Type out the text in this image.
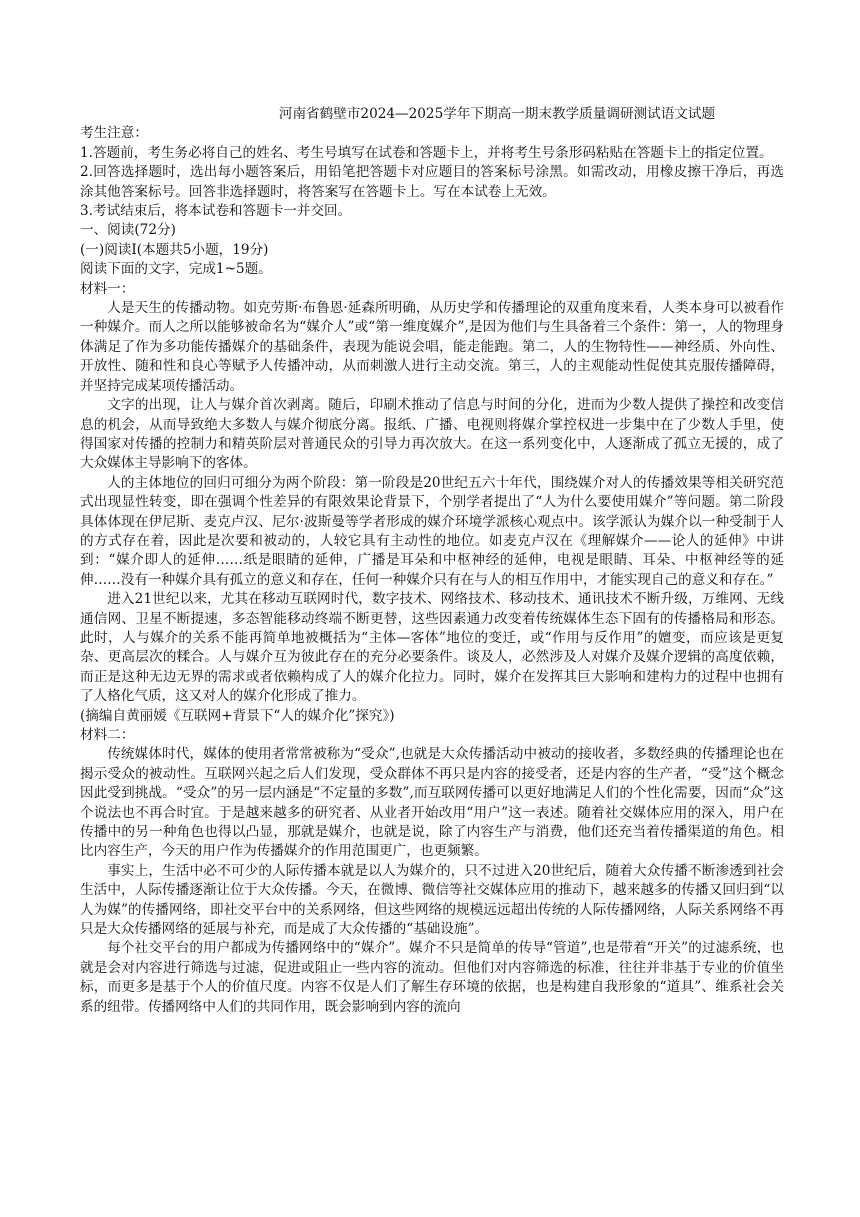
河南省鹤壁市2024—2025学年下期高一期末教学质量调研测试语文试题

考生注意：

1.答题前，考生务必将自己的姓名、考生号填写在试卷和答题卡上，并将考生号条形码粘贴在答题卡上的指定位置。

2.回答选择题时，选出每小题答案后，用铅笔把答题卡对应题目的答案标号涂黑。如需改动，用橡皮擦干净后，再选涂其他答案标号。回答非选择题时，将答案写在答题卡上。写在本试卷上无效。

3.考试结束后，将本试卷和答题卡一并交回。

一、阅读(72分)

(一)阅读I(本题共5小题，19分)

阅读下面的文字，完成1~5题。

材料一：

人是天生的传播动物。如克劳斯·布鲁恩·延森所明确，从历史学和传播理论的双重角度来看，人类本身可以被看作一种媒介。而人之所以能够被命名为“媒介人”或“第一维度媒介”,是因为他们与生具备着三个条件：第一，人的物理身体满足了作为多功能传播媒介的基础条件，表现为能说会唱，能走能跑。第二，人的生物特性——神经质、外向性、开放性、随和性和良心等赋予人传播冲动，从而刺激人进行主动交流。第三，人的主观能动性促使其克服传播障碍，并坚持完成某项传播活动。

文字的出现，让人与媒介首次剥离。随后，印刷术推动了信息与时间的分化，进而为少数人提供了操控和改变信息的机会，从而导致绝大多数人与媒介彻底分离。报纸、广播、电视则将媒介掌控权进一步集中在了少数人手里，使得国家对传播的控制力和精英阶层对普通民众的引导力再次放大。在这一系列变化中，人逐渐成了孤立无援的，成了大众媒体主导影响下的客体。

人的主体地位的回归可细分为两个阶段：第一阶段是20世纪五六十年代，围绕媒介对人的传播效果等相关研究范式出现显性转变，即在强调个性差异的有限效果论背景下，个别学者提出了“人为什么要使用媒介”等问题。第二阶段具体体现在伊尼斯、麦克卢汉、尼尔·波斯曼等学者形成的媒介环境学派核心观点中。该学派认为媒介以一种受制于人的方式存在着，因此是次要和被动的，人较它具有主动性的地位。如麦克卢汉在《理解媒介——论人的延伸》中讲到：“媒介即人的延伸……纸是眼睛的延伸，广播是耳朵和中枢神经的延伸，电视是眼睛、耳朵、中枢神经等的延伸……没有一种媒介具有孤立的意义和存在，任何一种媒介只有在与人的相互作用中，才能实现自己的意义和存在。”

进入21世纪以来，尤其在移动互联网时代，数字技术、网络技术、移动技术、通讯技术不断升级，万维网、无线通信网、卫星不断提速，多态智能移动终端不断更替，这些因素通力改变着传统媒体生态下固有的传播格局和形态。此时，人与媒介的关系不能再简单地被概括为“主体—客体”地位的变迁，或“作用与反作用”的嬗变，而应该是更复杂、更高层次的糅合。人与媒介互为彼此存在的充分必要条件。谈及人，必然涉及人对媒介及媒介逻辑的高度依赖，而正是这种无边无界的需求或者依赖构成了人的媒介化拉力。同时，媒介在发挥其巨大影响和建构力的过程中也拥有了人格化气质，这又对人的媒介化形成了推力。

(摘编自黄丽媛《互联网+背景下“人的媒介化”探究》)

材料二：

传统媒体时代，媒体的使用者常常被称为“受众”,也就是大众传播活动中被动的接收者，多数经典的传播理论也在揭示受众的被动性。互联网兴起之后人们发现，受众群体不再只是内容的接受者，还是内容的生产者，“受”这个概念因此受到挑战。“受众”的另一层内涵是“不定量的多数”,而互联网传播可以更好地满足人们的个性化需要，因而“众”这个说法也不再合时宜。于是越来越多的研究者、从业者开始改用“用户”这一表述。随着社交媒体应用的深入，用户在传播中的另一种角色也得以凸显，那就是媒介，也就是说，除了内容生产与消费，他们还充当着传播渠道的角色。相比内容生产，今天的用户作为传播媒介的作用范围更广，也更频繁。

事实上，生活中必不可少的人际传播本就是以人为媒介的，只不过进入20世纪后，随着大众传播不断渗透到社会生活中，人际传播逐渐让位于大众传播。今天，在微博、微信等社交媒体应用的推动下，越来越多的传播又回归到“以人为媒”的传播网络，即社交平台中的关系网络，但这些网络的规模远远超出传统的人际传播网络，人际关系网络不再只是大众传播网络的延展与补充，而是成了大众传播的“基础设施”。

每个社交平台的用户都成为传播网络中的“媒介”。媒介不只是简单的传导“管道”,也是带着“开关”的过滤系统，也就是会对内容进行筛选与过滤，促进或阻止一些内容的流动。但他们对内容筛选的标准，往往并非基于专业的价值坐标，而更多是基于个人的价值尺度。内容不仅是人们了解生存环境的依据，也是构建自我形象的“道具”、维系社会关系的纽带。传播网络中人们的共同作用，既会影响到内容的流向
